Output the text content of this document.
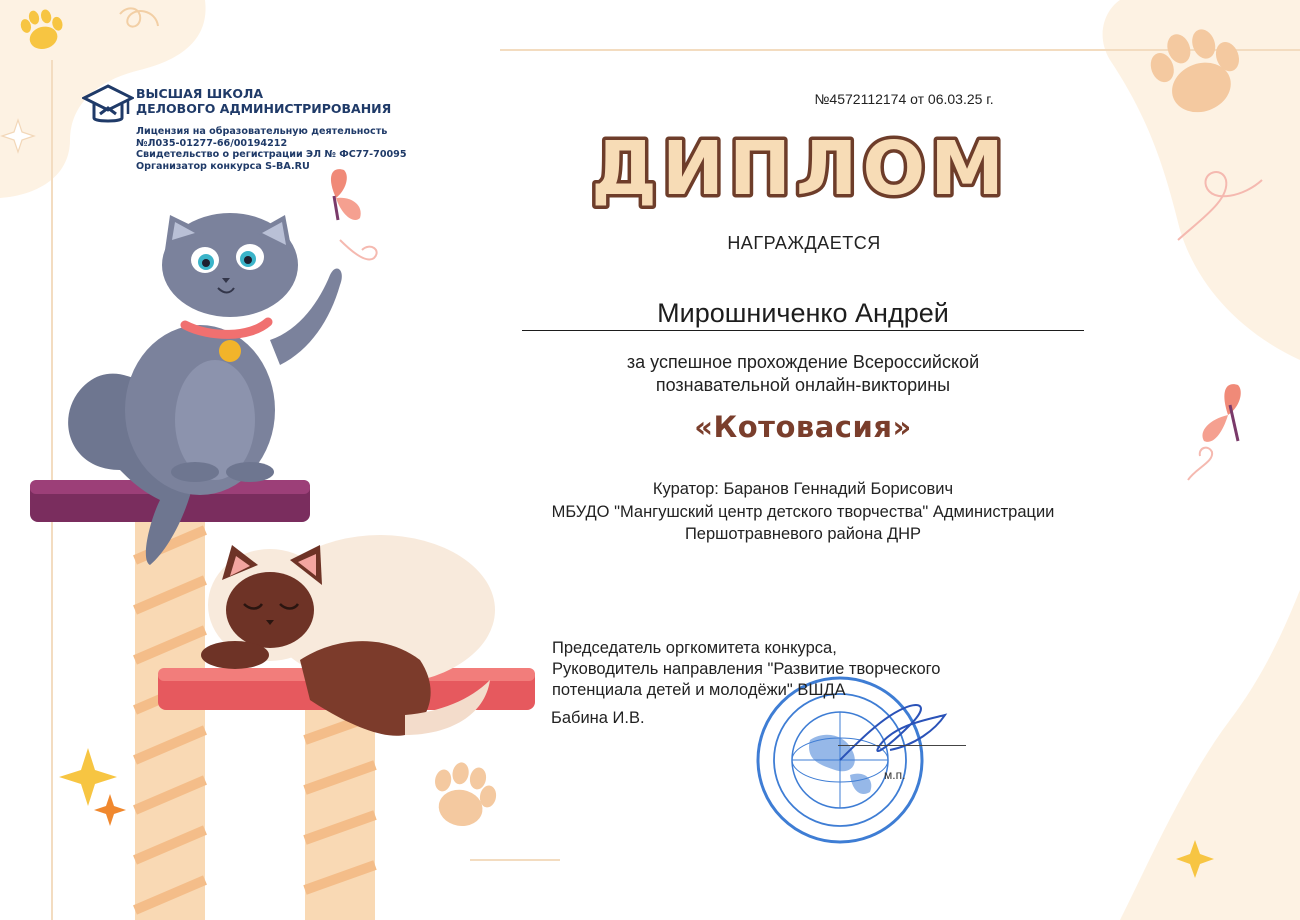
ВЫСШАЯ ШКОЛА
ДЕЛОВОГО АДМИНИСТРИРОВАНИЯ
Лицензия на образовательную деятельность
№Л035-01277-66/00194212
Свидетельство о регистрации ЭЛ № ФС77-70095
Организатор конкурса S-BA.RU
№4572112174 от 06.03.25 г.
ДИПЛОМ
НАГРАЖДАЕТСЯ
Мирошниченко Андрей
за успешное прохождение Всероссийской
познавательной онлайн-викторины
«Котовасия»
Куратор: Баранов Геннадий Борисович
МБУДО "Мангушский центр детского творчества" Администрации
Першотравневого района ДНР
Председатель оргкомитета конкурса,
Руководитель направления "Развитие творческого
потенциала детей и молодёжи" ВШДА
Бабина И.В.
м.п.
